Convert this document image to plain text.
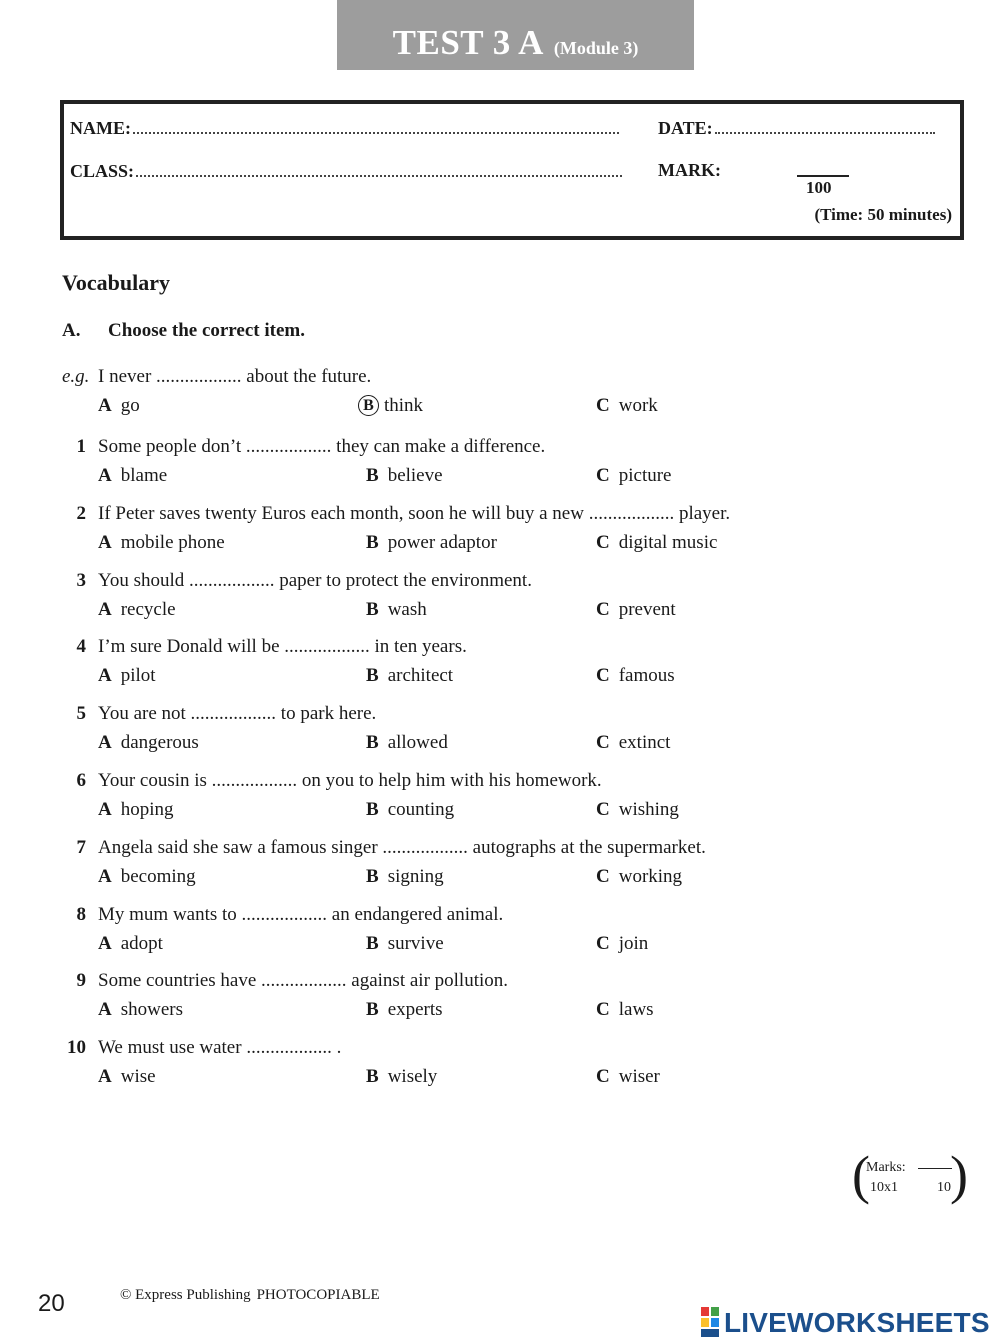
TEST 3 A (Module 3)
NAME:	DATE:
CLASS:	MARK:
100
(Time: 50 minutes)
Vocabulary
A. Choose the correct item.
e.g. I never .................. about the future.
A go	B think	C work
1 Some people don’t .................. they can make a difference.
A blame	B believe	C picture
2 If Peter saves twenty Euros each month, soon he will buy a new .................. player.
A mobile phone	B power adaptor	C digital music
3 You should .................. paper to protect the environment.
A recycle	B wash	C prevent
4 I’m sure Donald will be .................. in ten years.
A pilot	B architect	C famous
5 You are not .................. to park here.
A dangerous	B allowed	C extinct
6 Your cousin is .................. on you to help him with his homework.
A hoping	B counting	C wishing
7 Angela said she saw a famous singer .................. autographs at the supermarket.
A becoming	B signing	C working
8 My mum wants to .................. an endangered animal.
A adopt	B survive	C join
9 Some countries have .................. against air pollution.
A showers	B experts	C laws
10 We must use water .................. .
A wise	B wisely	C wiser
( )
Marks:
10x1	10
20	© Express Publishing PHOTOCOPIABLE
LIVEWORKSHEETS
